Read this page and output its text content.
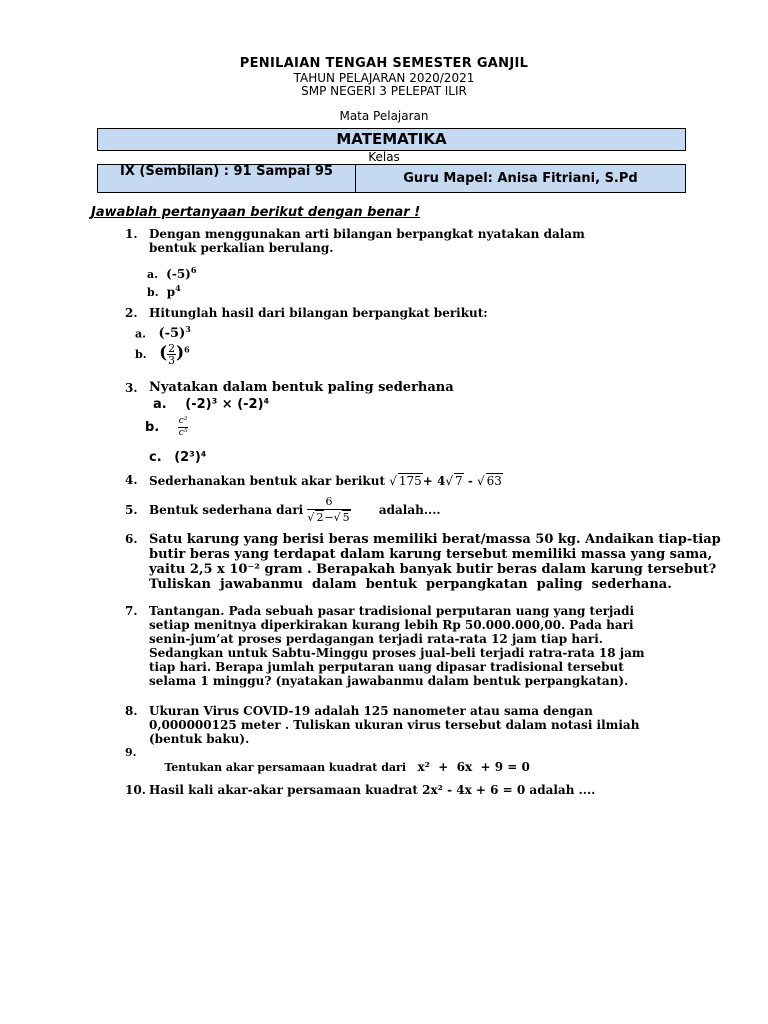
PENILAIAN TENGAH SEMESTER GANJIL
TAHUN PELAJARAN 2020/2021
SMP NEGERI 3 PELEPAT ILIR
Mata Pelajaran
MATEMATIKA
Kelas
IX (Sembilan) : 91 Sampai 95	Guru Mapel: Anisa Fitriani, S.Pd
Jawablah pertanyaan berikut dengan benar !
1. Dengan menggunakan arti bilangan berpangkat nyatakan dalam bentuk perkalian berulang.
a. $(-5)^6$
b. $p^4$
2. Hitunglah hasil dari bilangan berpangkat berikut:
a. $(-5)^3$
b. ( $\frac{2}{3} )^6$
3. Nyatakan dalam bentuk paling sederhana
a. (-2)³ × (-2)⁴
b. $\frac{\text{c²}}{\text{c⁵}}$
c. (2³)⁴
4. Sederhanakan bentuk akar berikut √ 175+ 4√ 7 - √ 63
5. Bentuk sederhana dari $\frac{6}{√ 2-√ 5}$ adalah....
6. Satu karung yang berisi beras memiliki berat/massa 50 kg. Andaikan tiap-tiap
butir beras yang terdapat dalam karung tersebut memiliki massa yang sama,
yaitu 2,5 x 10⁻² gram . Berapakah banyak butir beras dalam karung tersebut?
Tuliskan  jawabanmu  dalam  bentuk  perpangkatan  paling  sederhana.
7. Tantangan. Pada sebuah pasar tradisional perputaran uang yang terjadi setiap menitnya diperkirakan kurang lebih Rp 50.000.000,00. Pada hari senin-jum’at proses perdagangan terjadi rata-rata 12 jam tiap hari. Sedangkan untuk Sabtu-Minggu proses jual-beli terjadi ratra-rata 18 jam tiap hari. Berapa jumlah perputaran uang dipasar tradisional tersebut selama 1 minggu? (nyatakan jawabanmu dalam bentuk perpangkatan).
8. Ukuran Virus COVID-19 adalah 125 nanometer atau sama dengan 0,000000125 meter . Tuliskan ukuran virus tersebut dalam notasi ilmiah (bentuk baku).
9.

Tentukan akar persamaan kuadrat dari x²  +  6x  + 9 = 0

10. Hasil kali akar-akar persamaan kuadrat 2x² - 4x + 6 = 0 adalah ....
